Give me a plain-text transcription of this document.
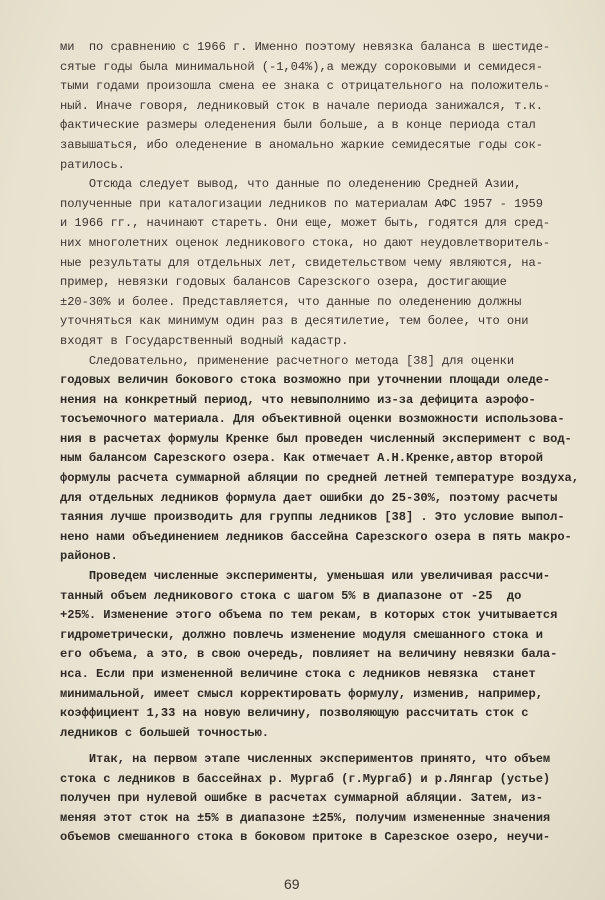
ми  по сравнению с 1966 г. Именно поэтому невязка баланса в шестиде-
сятые годы была минимальной (-1,04%),а между сороковыми и семидеся-
тыми годами произошла смена ее знака с отрицательного на положитель-
ный. Иначе говоря, ледниковый сток в начале периода занижался, т.к.
фактические размеры оледенения были больше, а в конце периода стал
завышаться, ибо оледенение в аномально жаркие семидесятые годы сок-
ратилось.
Отсюда следует вывод, что данные по оледенению Средней Азии,
полученные при каталогизации ледников по материалам АФС 1957 - 1959
и 1966 гг., начинают стареть. Они еще, может быть, годятся для сред-
них многолетних оценок ледникового стока, но дают неудовлетворитель-
ные результаты для отдельных лет, свидетельством чему являются, на-
пример, невязки годовых балансов Сарезского озера, достигающие
±20-30% и более. Представляется, что данные по оледенению должны
уточняться как минимум один раз в десятилетие, тем более, что они
входят в Государственный водный кадастр.
Следовательно, применение расчетного метода [38] для оценки
годовых величин бокового стока возможно при уточнении площади оледе-
нения на конкретный период, что невыполнимо из-за дефицита аэрофо-
тосъемочного материала. Для объективной оценки возможности использова-
ния в расчетах формулы Кренке был проведен численный эксперимент с вод-
ным балансом Сарезского озера. Как отмечает А.Н.Кренке,автор второй
формулы расчета суммарной абляции по средней летней температуре воздуха,
для отдельных ледников формула дает ошибки до 25-30%, поэтому расчеты
таяния лучше производить для группы ледников [38] . Это условие выпол-
нено нами объединением ледников бассейна Сарезского озера в пять макро-
районов.
Проведем численные эксперименты, уменьшая или увеличивая рассчи-
танный объем ледникового стока с шагом 5% в диапазоне от -25  до
+25%. Изменение этого объема по тем рекам, в которых сток учитывается
гидрометрически, должно повлечь изменение модуля смешанного стока и
его объема, а это, в свою очередь, повлияет на величину невязки бала-
нса. Если при измененной величине стока с ледников невязка  станет
минимальной, имеет смысл корректировать формулу, изменив, например,
коэффициент 1,33 на новую величину, позволяющую рассчитать сток с
ледников с большей точностью.
Итак, на первом этапе численных экспериментов принято, что объем
стока с ледников в бассейнах р. Мургаб (г.Мургаб) и р.Лянгар (устье)
получен при нулевой ошибке в расчетах суммарной абляции. Затем, из-
меняя этот сток на ±5% в диапазоне ±25%, получим измененные значения
объемов смешанного стока в боковом притоке в Сарезское озеро, неучи-
69
